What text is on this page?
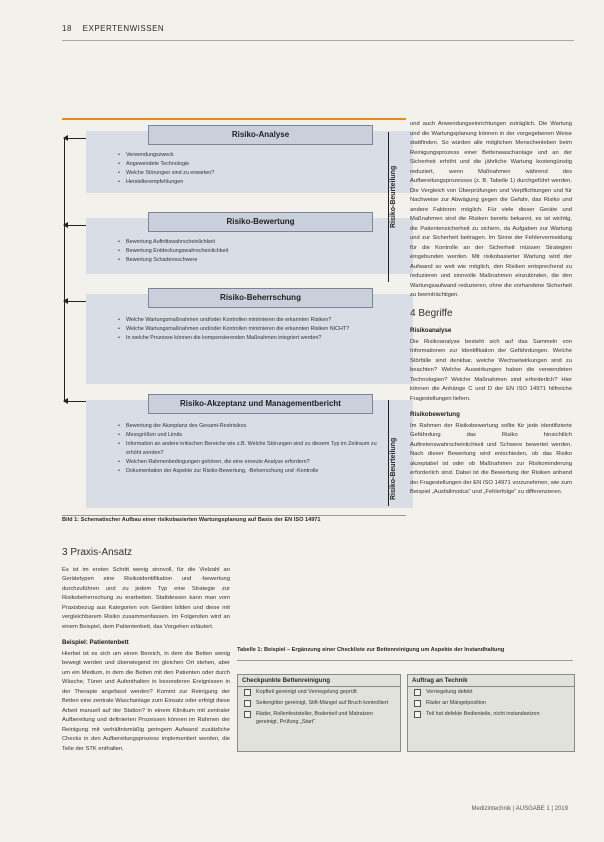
18 EXPERTENWISSEN
Risiko-Analyse
• Verwendungszweck
• Angewendete Technologie
• Welche Störungen sind zu erwarten?
• Herstellerempfehlungen
Risiko-Bewertung
• Bewertung Auftrittswahrscheinlichkeit
• Bewertung Entdeckungswahrscheinlichkeit
• Bewertung Schadensschwere
Risiko-Beherrschung
• Welche Wartungsmaßnahmen und/oder Kontrollen minimieren die erkannten Risiken?
• Welche Wartungsmaßnahmen und/oder Kontrollen minimieren die erkannten Risiken NICHT?
• In welche Prozesse können die kompensierenden Maßnahmen integriert werden?
Risiko-Akzeptanz und Managementbericht
• Bewertung der Akzeptanz des Gesamt-Restrisikos
• Messgrößen und Limits
• Information an andere kritischen Bereiche wie z.B. Welche Störungen sind zu diesem Typ im Zeitraum zu erhöht worden?
• Welchen Rahmenbedingungen gehören, die eine erneute Analyse erfordern?
• Dokumentation der Aspekte zur Risiko-Bewertung, -Beherrschung und -Kontrolle
Risiko-Beurteilung
Risiko-Beurteilung
Bild 1: Schematischer Aufbau einer risikobasierten Wartungsplanung auf Basis der EN ISO 14971

und auch Anwendungseinrichtungen zuträglich. Die Wartung und die Wartungsplanung können in der vorgegebenen Weise stattfinden. So würden alle möglichen Menschenleben beim Reinigungsprozess einer Bettenwaschanlage und an der Sicherheit erhöht und die jährliche Wartung kostengünstig reduziert, wenn Maßnahmen während des Aufbereitungsprozesses (z. B. Tabelle 1) durchgeführt werden. Die Vergleich von Überprüfungen und Verpflichtungen und für Nachweise zur Abwägung gegen die Gefahr, das Risiko und andere Faktoren möglich. Für viele dieser Geräte und Maßnahmen sind die Risiken bereits bekannt, es ist wichtig, die Patientensicherheit zu sichern, da Aufgaben zur Wartung und zur Sicherheit beitragen. Im Sinne der Fehlervermeidung für die Kontrolle an der Sicherheit müssen Strategien eingebunden werden. Mit risikobasierter Wartung wird der Aufwand so weit wie möglich, den Risiken entsprechend zu reduzieren und sinnvolle Maßnahmen einzubinden, die den Wartungsaufwand reduzieren, ohne die vorhandene Sicherheit zu beeinträchtigen.

4 Begriffe
Risikoanalyse

Die Risikoanalyse besteht sich auf das Sammeln von Informationen zur Identifikation der Gefährdungen. Welche Störfälle sind denkbar, welche Wechselwirkungen sind zu beachten? Welche Auswirkungen haben die verwendeten Technologien? Welche Maßnahmen sind erforderlich? Hier können die Anhänge C und D der EN ISO 14971 hilfreiche Fragestellungen liefern.

Risikobewertung

Im Rahmen der Risikobewertung sollte für jede identifizierte Gefährdung das Risiko hinsichtlich Auftretenswahrscheinlichkeit und Schwere bewertet werden. Nach dieser Bewertung wird entschieden, ob das Risiko akzeptabel ist oder ob Maßnahmen zur Risikominderung erforderlich sind. Dabei ist die Bewertung der Risiken anhand der Fragestellungen der EN ISO 14971 vorzunehmen, wie zum Beispiel „Ausfallmodus“ und „Fehlerfolge“ zu differenzieren.

3 Praxis-Ansatz

Es ist im ersten Schritt wenig sinnvoll, für die Vielzahl an Gerätetypen eine Risikoidentifikation und -bewertung durchzuführen und zu jedem Typ eine Strategie zur Risikobeherrschung zu erarbeiten. Stattdessen kann man vom Praxisbezug aus Kategorien von Geräten bilden und diese mit vergleichbarem Risiko zusammenfassen. Im Folgenden wird an einem Beispiel, dem Patientenbett, das Vorgehen erläutert.

Beispiel: Patientenbett

Hierbei ist es sich um einen Bereich, in dem die Betten wenig bewegt werden und überwiegend im gleichen Ort stehen, aber um ein Medium, in dem die Betten mit den Patienten oder durch Wäsche, Türen und Aufenthalten in besonderen Ereignissen in der Therapie angefasst werden? Kommt zur Reinigung der Betten eine zentrale Waschanlage zum Einsatz oder erfolgt diese Arbeit manuell auf der Station? In einem Klinikum mit zentraler Aufbereitung und definierten Prozessen können im Rahmen der Reinigung mit verhältnismäßig geringem Aufwand zusätzliche Checks in den Aufbereitungsprozess implementiert werden, die Teile der STK enthalten.

Tabelle 1: Beispiel – Ergänzung einer Checkliste zur Bettenreinigung um Aspekte der Instandhaltung
Checkpunkte Bettenreinigung
Kopfteil gereinigt und Verriegelung geprüft
Seitengitter gereinigt, Stift-Mängel auf Bruch kontrolliert
Räder, Rollenfeststeller, Bodenteil und Matratzen gereinigt, Prüfung „Start“
Auftrag an Technik
Verriegelung defekt
Räder an Mängelposition
Teil hat defekte Bedienteile, nicht instandsetzen
Medizintechnik | AUSGABE 1 | 2019
